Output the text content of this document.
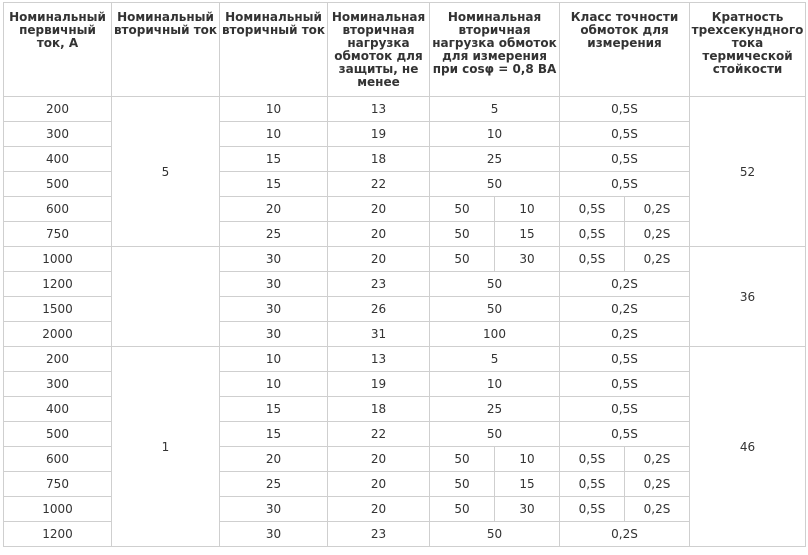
Номинальный первичный ток, А	Номинальный вторичный ток	Номинальный вторичный ток	Номинальная вторичная нагрузка обмоток для защиты, не менее	Номинальная вторичная нагрузка обмоток для измерения при cosφ = 0,8 ВА		Класс точности обмоток для измерения		Кратность трехсекундного тока термической стойкости
200	5	10	13	5		0,5S		52
300		10	19	10		0,5S		
400		15	18	25		0,5S		
500		15	22	50		0,5S		
600		20	20	50	10	0,5S	0,2S	
750		25	20	50	15	0,5S	0,2S	
1000		30	20	50	30	0,5S	0,2S	36
1200		30	23	50		0,2S		
1500		30	26	50		0,2S		
2000		30	31	100		0,2S		
200	1	10	13	5		0,5S		46
300		10	19	10		0,5S		
400		15	18	25		0,5S		
500		15	22	50		0,5S		
600		20	20	50	10	0,5S	0,2S	
750		25	20	50	15	0,5S	0,2S	
1000		30	20	50	30	0,5S	0,2S	
1200		30	23	50		0,2S		
